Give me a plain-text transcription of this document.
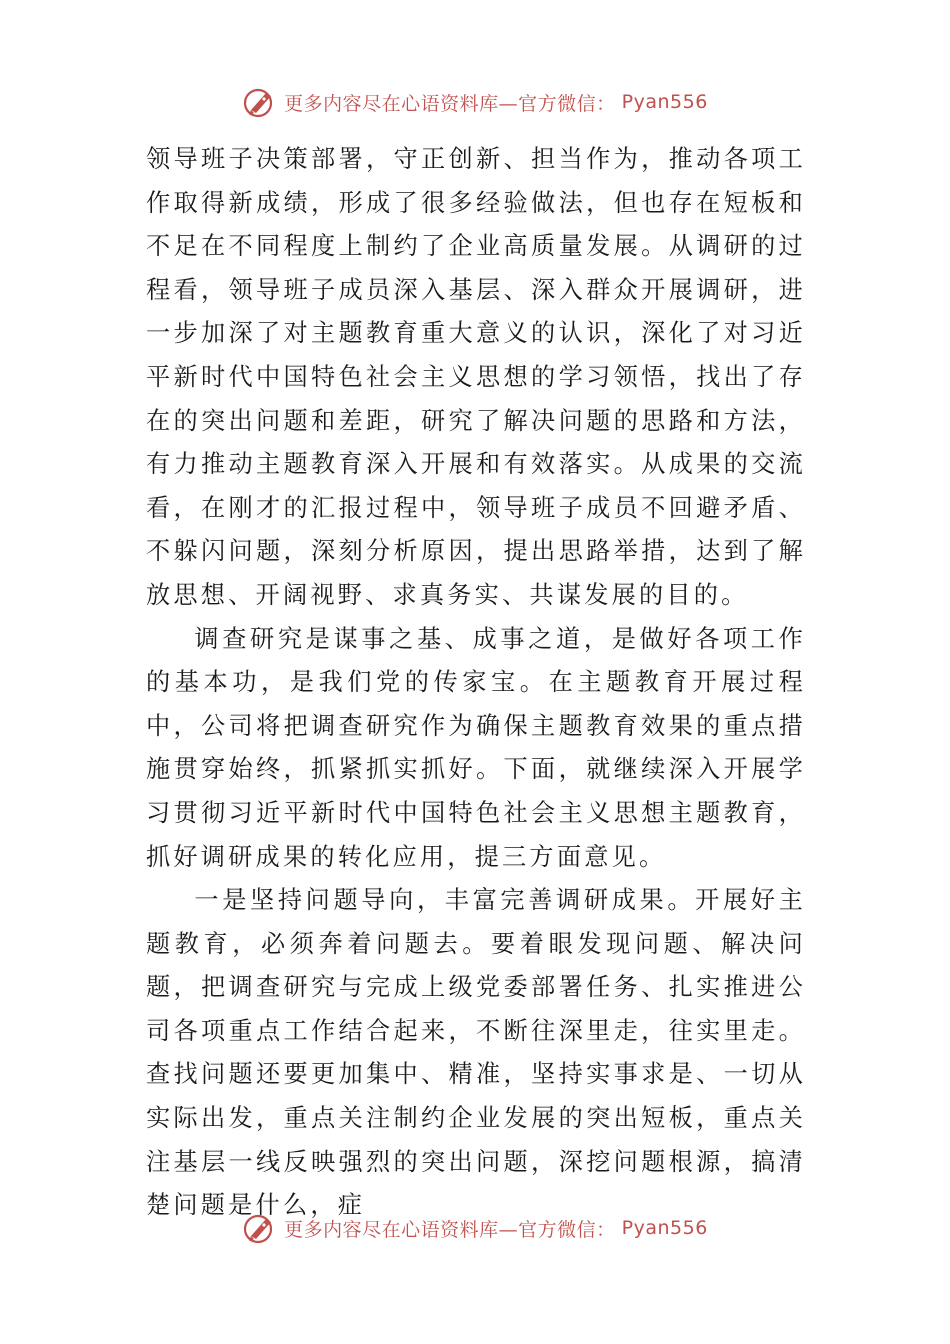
更多内容尽在心语资料库—官方微信： Pyan556

领导班子决策部署，守正创新、担当作为，推动各项工作取得新成绩，形成了很多经验做法，但也存在短板和不足在不同程度上制约了企业高质量发展。从调研的过程看，领导班子成员深入基层、深入群众开展调研，进一步加深了对主题教育重大意义的认识，深化了对习近平新时代中国特色社会主义思想的学习领悟，找出了存在的突出问题和差距，研究了解决问题的思路和方法，有力推动主题教育深入开展和有效落实。从成果的交流看，在刚才的汇报过程中，领导班子成员不回避矛盾、不躲闪问题，深刻分析原因，提出思路举措，达到了解放思想、开阔视野、求真务实、共谋发展的目的。

调查研究是谋事之基、成事之道，是做好各项工作的基本功，是我们党的传家宝。在主题教育开展过程中，公司将把调查研究作为确保主题教育效果的重点措施贯穿始终，抓紧抓实抓好。下面，就继续深入开展学习贯彻习近平新时代中国特色社会主义思想主题教育，抓好调研成果的转化应用，提三方面意见。

一是坚持问题导向，丰富完善调研成果。开展好主题教育，必须奔着问题去。要着眼发现问题、解决问题，把调查研究与完成上级党委部署任务、扎实推进公司各项重点工作结合起来，不断往深里走，往实里走。查找问题还要更加集中、精准，坚持实事求是、一切从实际出发，重点关注制约企业发展的突出短板，重点关注基层一线反映强烈的突出问题，深挖问题根源，搞清楚问题是什么，症

更多内容尽在心语资料库—官方微信： Pyan556
